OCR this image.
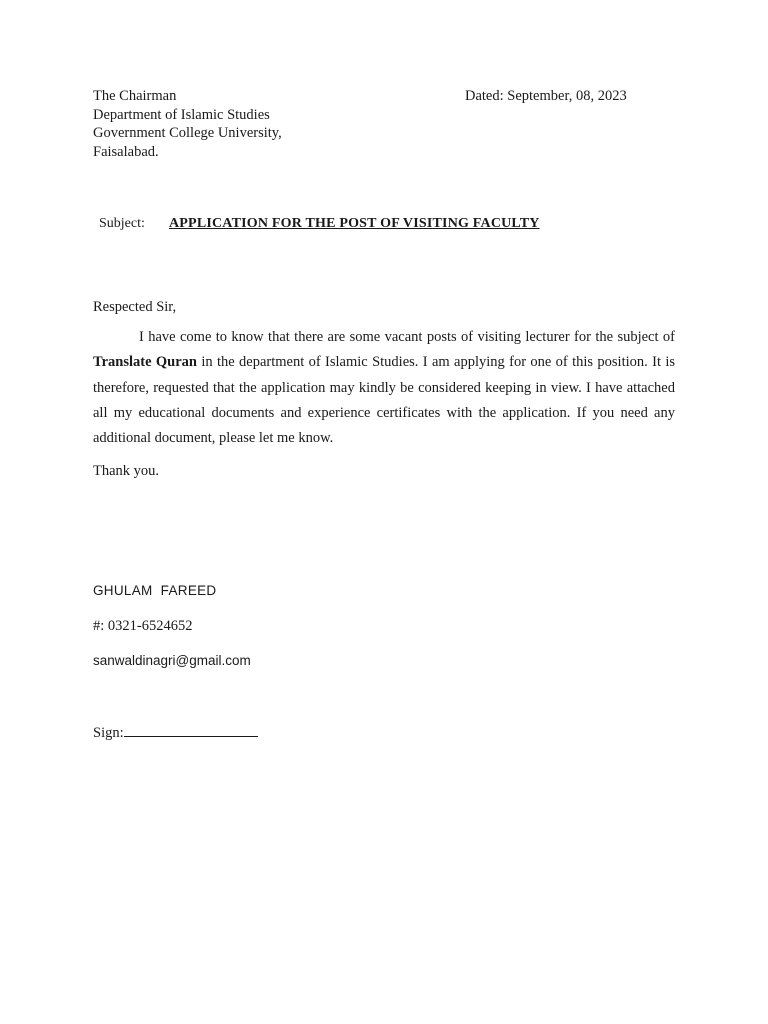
The Chairman
Department of Islamic Studies
Government College University,
Faisalabad.
Dated: September, 08, 2023
Subject: APPLICATION FOR THE POST OF VISITING FACULTY
Respected Sir,
I have come to know that there are some vacant posts of visiting lecturer for the subject of Translate Quran in the department of Islamic Studies. I am applying for one of this position. It is therefore, requested that the application may kindly be considered keeping in view. I have attached all my educational documents and experience certificates with the application. If you need any additional document, please let me know.
Thank you.
GHULAM  FAREED
#: 0321-6524652
sanwaldinagri@gmail.com
Sign:
